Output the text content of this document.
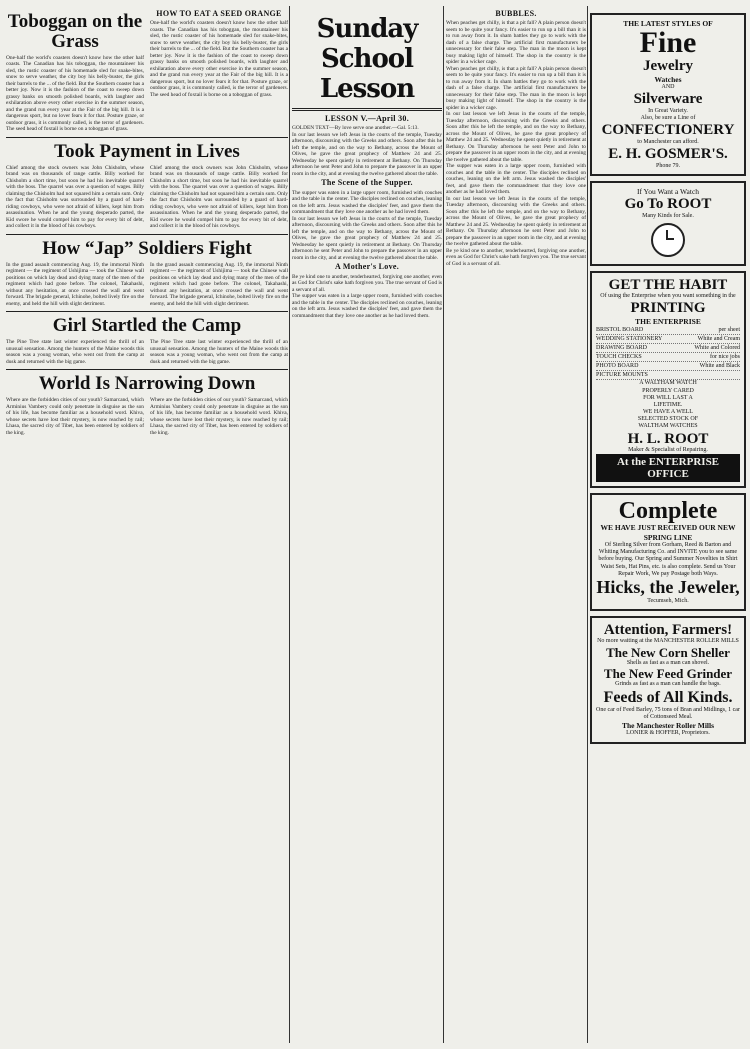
Toboggan on the Grass
One-half the world's coasters doesn't know how the other half coasts. The Canadian has his toboggan, the mountaineer his sled, the rustic coaster of his homemade sled for snake-bites, snow to serve weather, the city boy his belly-buster, the girls their barrels to the ... of the field. But the Southern coaster has a better joy. Now it is the fashion of the coast to sweep down grassy banks on smooth polished boards, with laughter and exhilaration above every other exercise in the summer season, and the grand run every year at the Fair of the big hill. It is a dangerous sport, but no lover fears it for that. Posture graze, or outdoor grass, it is commonly called, is the terror of gardeners. The seed head of foxtail is borne on a toboggan of grass.
HOW TO EAT A SEED ORANGE
One-half the world's coasters doesn't know how the other half coasts. The Canadian has his toboggan, the mountaineer his sled, the rustic coaster of his homemade sled for snake-bites, snow to serve weather, the city boy his belly-buster, the girls their barrels to the ... of the field. But the Southern coaster has a better joy. Now it is the fashion of the coast to sweep down grassy banks on smooth polished boards, with laughter and exhilaration above every other exercise in the summer season, and the grand run every year at the Fair of the big hill. It is a dangerous sport, but no lover fears it for that. Posture graze, or outdoor grass, it is commonly called, is the terror of gardeners. The seed head of foxtail is borne on a toboggan of grass.
Took Payment in Lives
Chief among the stock owners was John Chisholm, whose brand was on thousands of range cattle. Billy worked for Chisholm a short time, but soon he had his inevitable quarrel with the boss. The quarrel was over a question of wages. Billy claiming the Chisholm had not squared him a certain sum. Only the fact that Chisholm was surrounded by a guard of hard-riding cowboys, who were not afraid of killers, kept him from assassination. When he and the young desperado parted, the Kid swore he would compel him to pay for every bit of debt, and collect it in the blood of his cowboys.
Chief among the stock owners was John Chisholm, whose brand was on thousands of range cattle. Billy worked for Chisholm a short time, but soon he had his inevitable quarrel with the boss. The quarrel was over a question of wages. Billy claiming the Chisholm had not squared him a certain sum. Only the fact that Chisholm was surrounded by a guard of hard-riding cowboys, who were not afraid of killers, kept him from assassination. When he and the young desperado parted, the Kid swore he would compel him to pay for every bit of debt, and collect it in the blood of his cowboys.
How “Jap” Soldiers Fight
In the grand assault commencing Aug. 19, the immortal Ninth regiment — the regiment of Ushijima — took the Chinese wall positions on which lay dead and dying many of the men of the regiment which had gone before. The colonel, Takahashi, without any hesitation, at once crossed the wall and went forward. The brigade general, Ichinohe, bolted lively fire on the enemy, and held the hill with slight detriment.
In the grand assault commencing Aug. 19, the immortal Ninth regiment — the regiment of Ushijima — took the Chinese wall positions on which lay dead and dying many of the men of the regiment which had gone before. The colonel, Takahashi, without any hesitation, at once crossed the wall and went forward. The brigade general, Ichinohe, bolted lively fire on the enemy, and held the hill with slight detriment.
Girl Startled the Camp
The Pine Tree state last winter experienced the thrill of an unusual sensation. Among the hunters of the Maine woods this season was a young woman, who went out from the camp at dusk and returned with the big game.
The Pine Tree state last winter experienced the thrill of an unusual sensation. Among the hunters of the Maine woods this season was a young woman, who went out from the camp at dusk and returned with the big game.
World Is Narrowing Down
Where are the forbidden cities of our youth? Samarcand, which Arminius Vambery could only penetrate in disguise as the son of his life, has become familiar as a household word. Khiva, whose secrets have lost their mystery, is now reached by rail; Lhasa, the sacred city of Tibet, has been entered by soldiers of the king.
Where are the forbidden cities of our youth? Samarcand, which Arminius Vambery could only penetrate in disguise as the son of his life, has become familiar as a household word. Khiva, whose secrets have lost their mystery, is now reached by rail; Lhasa, the sacred city of Tibet, has been entered by soldiers of the king.
Sunday School Lesson
LESSON V.—April 30.
GOLDEN TEXT—By love serve one another.—Gal. 5:13.
In our last lesson we left Jesus in the courts of the temple, Tuesday afternoon, discoursing with the Greeks and others. Soon after this he left the temple, and on the way to Bethany, across the Mount of Olives, he gave the great prophecy of Matthew 24 and 25. Wednesday he spent quietly in retirement at Bethany. On Thursday afternoon he sent Peter and John to prepare the passover in an upper room in the city, and at evening the twelve gathered about the table.
The Scene of the Supper.
The supper was eaten in a large upper room, furnished with couches and the table in the center. The disciples reclined on couches, leaning on the left arm. Jesus washed the disciples' feet, and gave them the commandment that they love one another as he had loved them.
In our last lesson we left Jesus in the courts of the temple, Tuesday afternoon, discoursing with the Greeks and others. Soon after this he left the temple, and on the way to Bethany, across the Mount of Olives, he gave the great prophecy of Matthew 24 and 25. Wednesday he spent quietly in retirement at Bethany. On Thursday afternoon he sent Peter and John to prepare the passover in an upper room in the city, and at evening the twelve gathered about the table.
A Mother's Love.
Be ye kind one to another, tenderhearted, forgiving one another, even as God for Christ's sake hath forgiven you. The true servant of God is a servant of all.
The supper was eaten in a large upper room, furnished with couches and the table in the center. The disciples reclined on couches, leaning on the left arm. Jesus washed the disciples' feet, and gave them the commandment that they love one another as he had loved them.
BUBBLES.
When peaches get chilly, is that a pit fall? A plain person doesn't seem to be quite your fancy. It's easier to run up a bill than it is to run away from it. In sham battles they go to work with the dash of a false charge. The artificial first manufacturers be unnecessary for their false step. The man in the moon is kept busy making light of himself. The shop in the country is the spider in a wicker cage.
When peaches get chilly, is that a pit fall? A plain person doesn't seem to be quite your fancy. It's easier to run up a bill than it is to run away from it. In sham battles they go to work with the dash of a false charge. The artificial first manufacturers be unnecessary for their false step. The man in the moon is kept busy making light of himself. The shop in the country is the spider in a wicker cage.
In our last lesson we left Jesus in the courts of the temple, Tuesday afternoon, discoursing with the Greeks and others. Soon after this he left the temple, and on the way to Bethany, across the Mount of Olives, he gave the great prophecy of Matthew 24 and 25. Wednesday he spent quietly in retirement at Bethany. On Thursday afternoon he sent Peter and John to prepare the passover in an upper room in the city, and at evening the twelve gathered about the table.
The supper was eaten in a large upper room, furnished with couches and the table in the center. The disciples reclined on couches, leaning on the left arm. Jesus washed the disciples' feet, and gave them the commandment that they love one another as he had loved them.
In our last lesson we left Jesus in the courts of the temple, Tuesday afternoon, discoursing with the Greeks and others. Soon after this he left the temple, and on the way to Bethany, across the Mount of Olives, he gave the great prophecy of Matthew 24 and 25. Wednesday he spent quietly in retirement at Bethany. On Thursday afternoon he sent Peter and John to prepare the passover in an upper room in the city, and at evening the twelve gathered about the table.
Be ye kind one to another, tenderhearted, forgiving one another, even as God for Christ's sake hath forgiven you. The true servant of God is a servant of all.
THE LATEST STYLES OF
Fine
Jewelry
Watches
AND
Silverware
In Great Variety.
Also, be sure a Line of
CONFECTIONERY
to Manchester can afford.
E. H. GOSMER'S.
Phone 79.
If You Want a Watch
Go To ROOT
Many Kinds for Sale.
GET THE HABIT
Of using the Enterprise when you want something in the
PRINTING
THE ENTERPRISE
BRISTOL BOARD	per sheet
WEDDING STATIONERY	White and Cream
DRAWING BOARD	White and Colored
TOUCH CHECKS	for nice jobs
PHOTO BOARD	White and Black
PICTURE MOUNTS
A WALTHAM WATCH
PROPERLY CARED
FOR WILL LAST A
LIFETIME.
WE HAVE A WELL
SELECTED STOCK OF
WALTHAM WATCHES
H. L. ROOT
Maker & Specialist of Repairing.
At the ENTERPRISE OFFICE
Complete
WE HAVE JUST RECEIVED OUR NEW SPRING LINE
Of Sterling Silver from Gorham, Reed & Barton and Whiting Manufacturing Co. and INVITE you to see same before buying. Our Spring and Summer Novelties in Shirt Waist Sets, Hat Pins, etc. is also complete. Send us Your Repair Work, We pay Postage both Ways.
Hicks, the Jeweler,
Tecumseh, Mich.
Attention, Farmers!
No more waiting at the MANCHESTER ROLLER MILLS
The New Corn Sheller
Shells as fast as a man can shovel.
The New Feed Grinder
Grinds as fast as a man can handle the bags.
Feeds of All Kinds.
One car of Feed Barley, 75 tons of Bran and Midlings, 1 car of Cottonseed Meal.
The Manchester Roller Mills
LONIER & HOFFER, Proprietors.
